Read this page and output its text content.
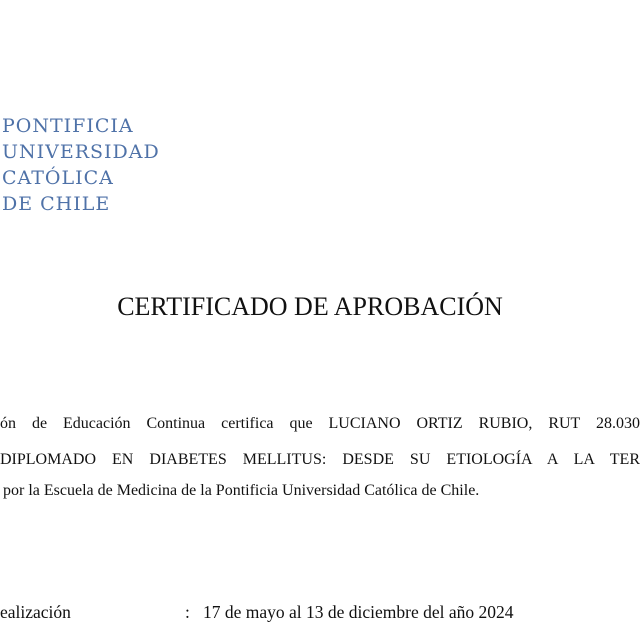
PONTIFICIA
UNIVERSIDAD
CATÓLICA
DE CHILE
CERTIFICADO DE APROBACIÓN
ón de Educación Continua certifica que LUCIANO ORTIZ RUBIO, RUT 28.030
DIPLOMADO EN DIABETES MELLITUS: DESDE SU ETIOLOGÍA A LA TER
por la Escuela de Medicina de la Pontificia Universidad Católica de Chile.
ealización	: 17 de mayo al 13 de diciembre del año 2024
